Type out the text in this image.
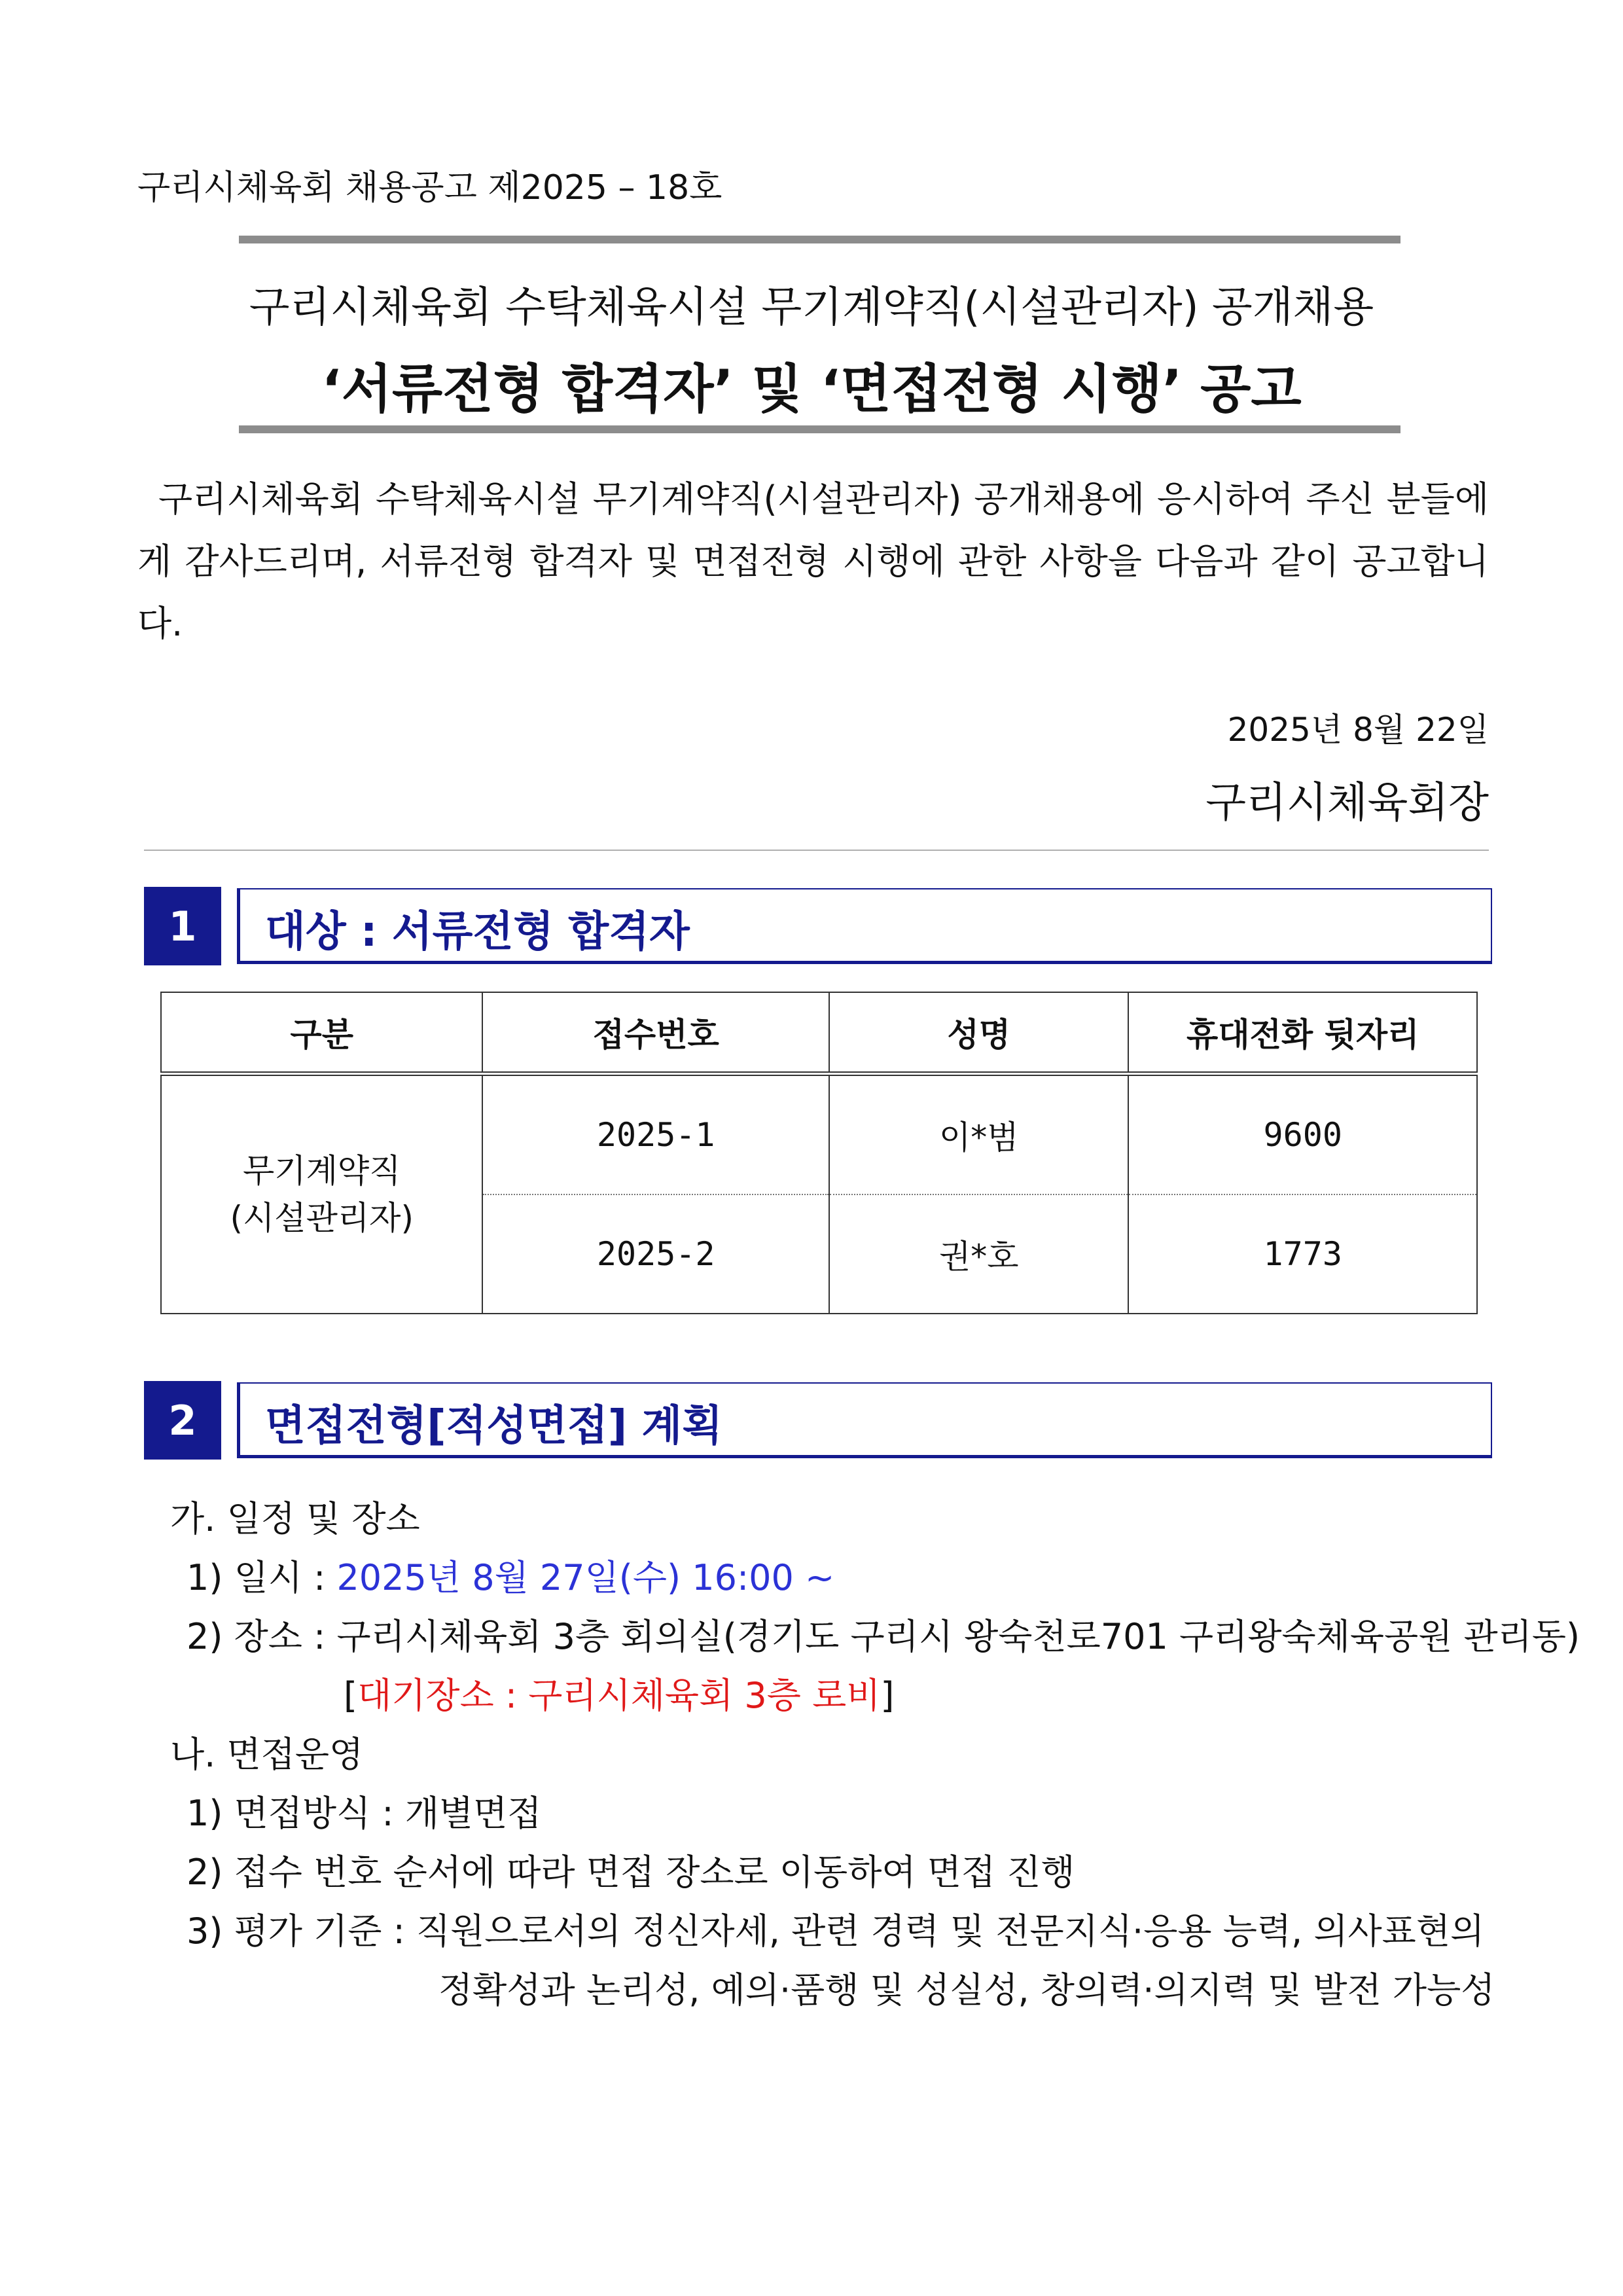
구리시체육회 채용공고 제2025 – 18호
구리시체육회 수탁체육시설 무기계약직(시설관리자) 공개채용
‘서류전형 합격자’ 및 ‘면접전형 시행’ 공고
구리시체육회 수탁체육시설 무기계약직(시설관리자) 공개채용에 응시하여 주신 분들에게 감사드리며, 서류전형 합격자 및 면접전형 시행에 관한 사항을 다음과 같이 공고합니다.
2025년 8월 22일
구리시체육회장
1	대상 : 서류전형 합격자
구분	접수번호	성명	휴대전화 뒷자리

무기계약직
(시설관리자)	2025-1	이*범	9600
	2025-2	권*호	1773
2	면접전형[적성면접] 계획
가. 일정 및 장소
1) 일시 : 2025년 8월 27일(수) 16:00 ~
2) 장소 : 구리시체육회 3층 회의실(경기도 구리시 왕숙천로701 구리왕숙체육공원 관리동)
[대기장소 : 구리시체육회 3층 로비]
나. 면접운영
1) 면접방식 : 개별면접
2) 접수 번호 순서에 따라 면접 장소로 이동하여 면접 진행
3) 평가 기준 : 직원으로서의 정신자세, 관련 경력 및 전문지식·응용 능력, 의사표현의
정확성과 논리성, 예의·품행 및 성실성, 창의력·의지력 및 발전 가능성
